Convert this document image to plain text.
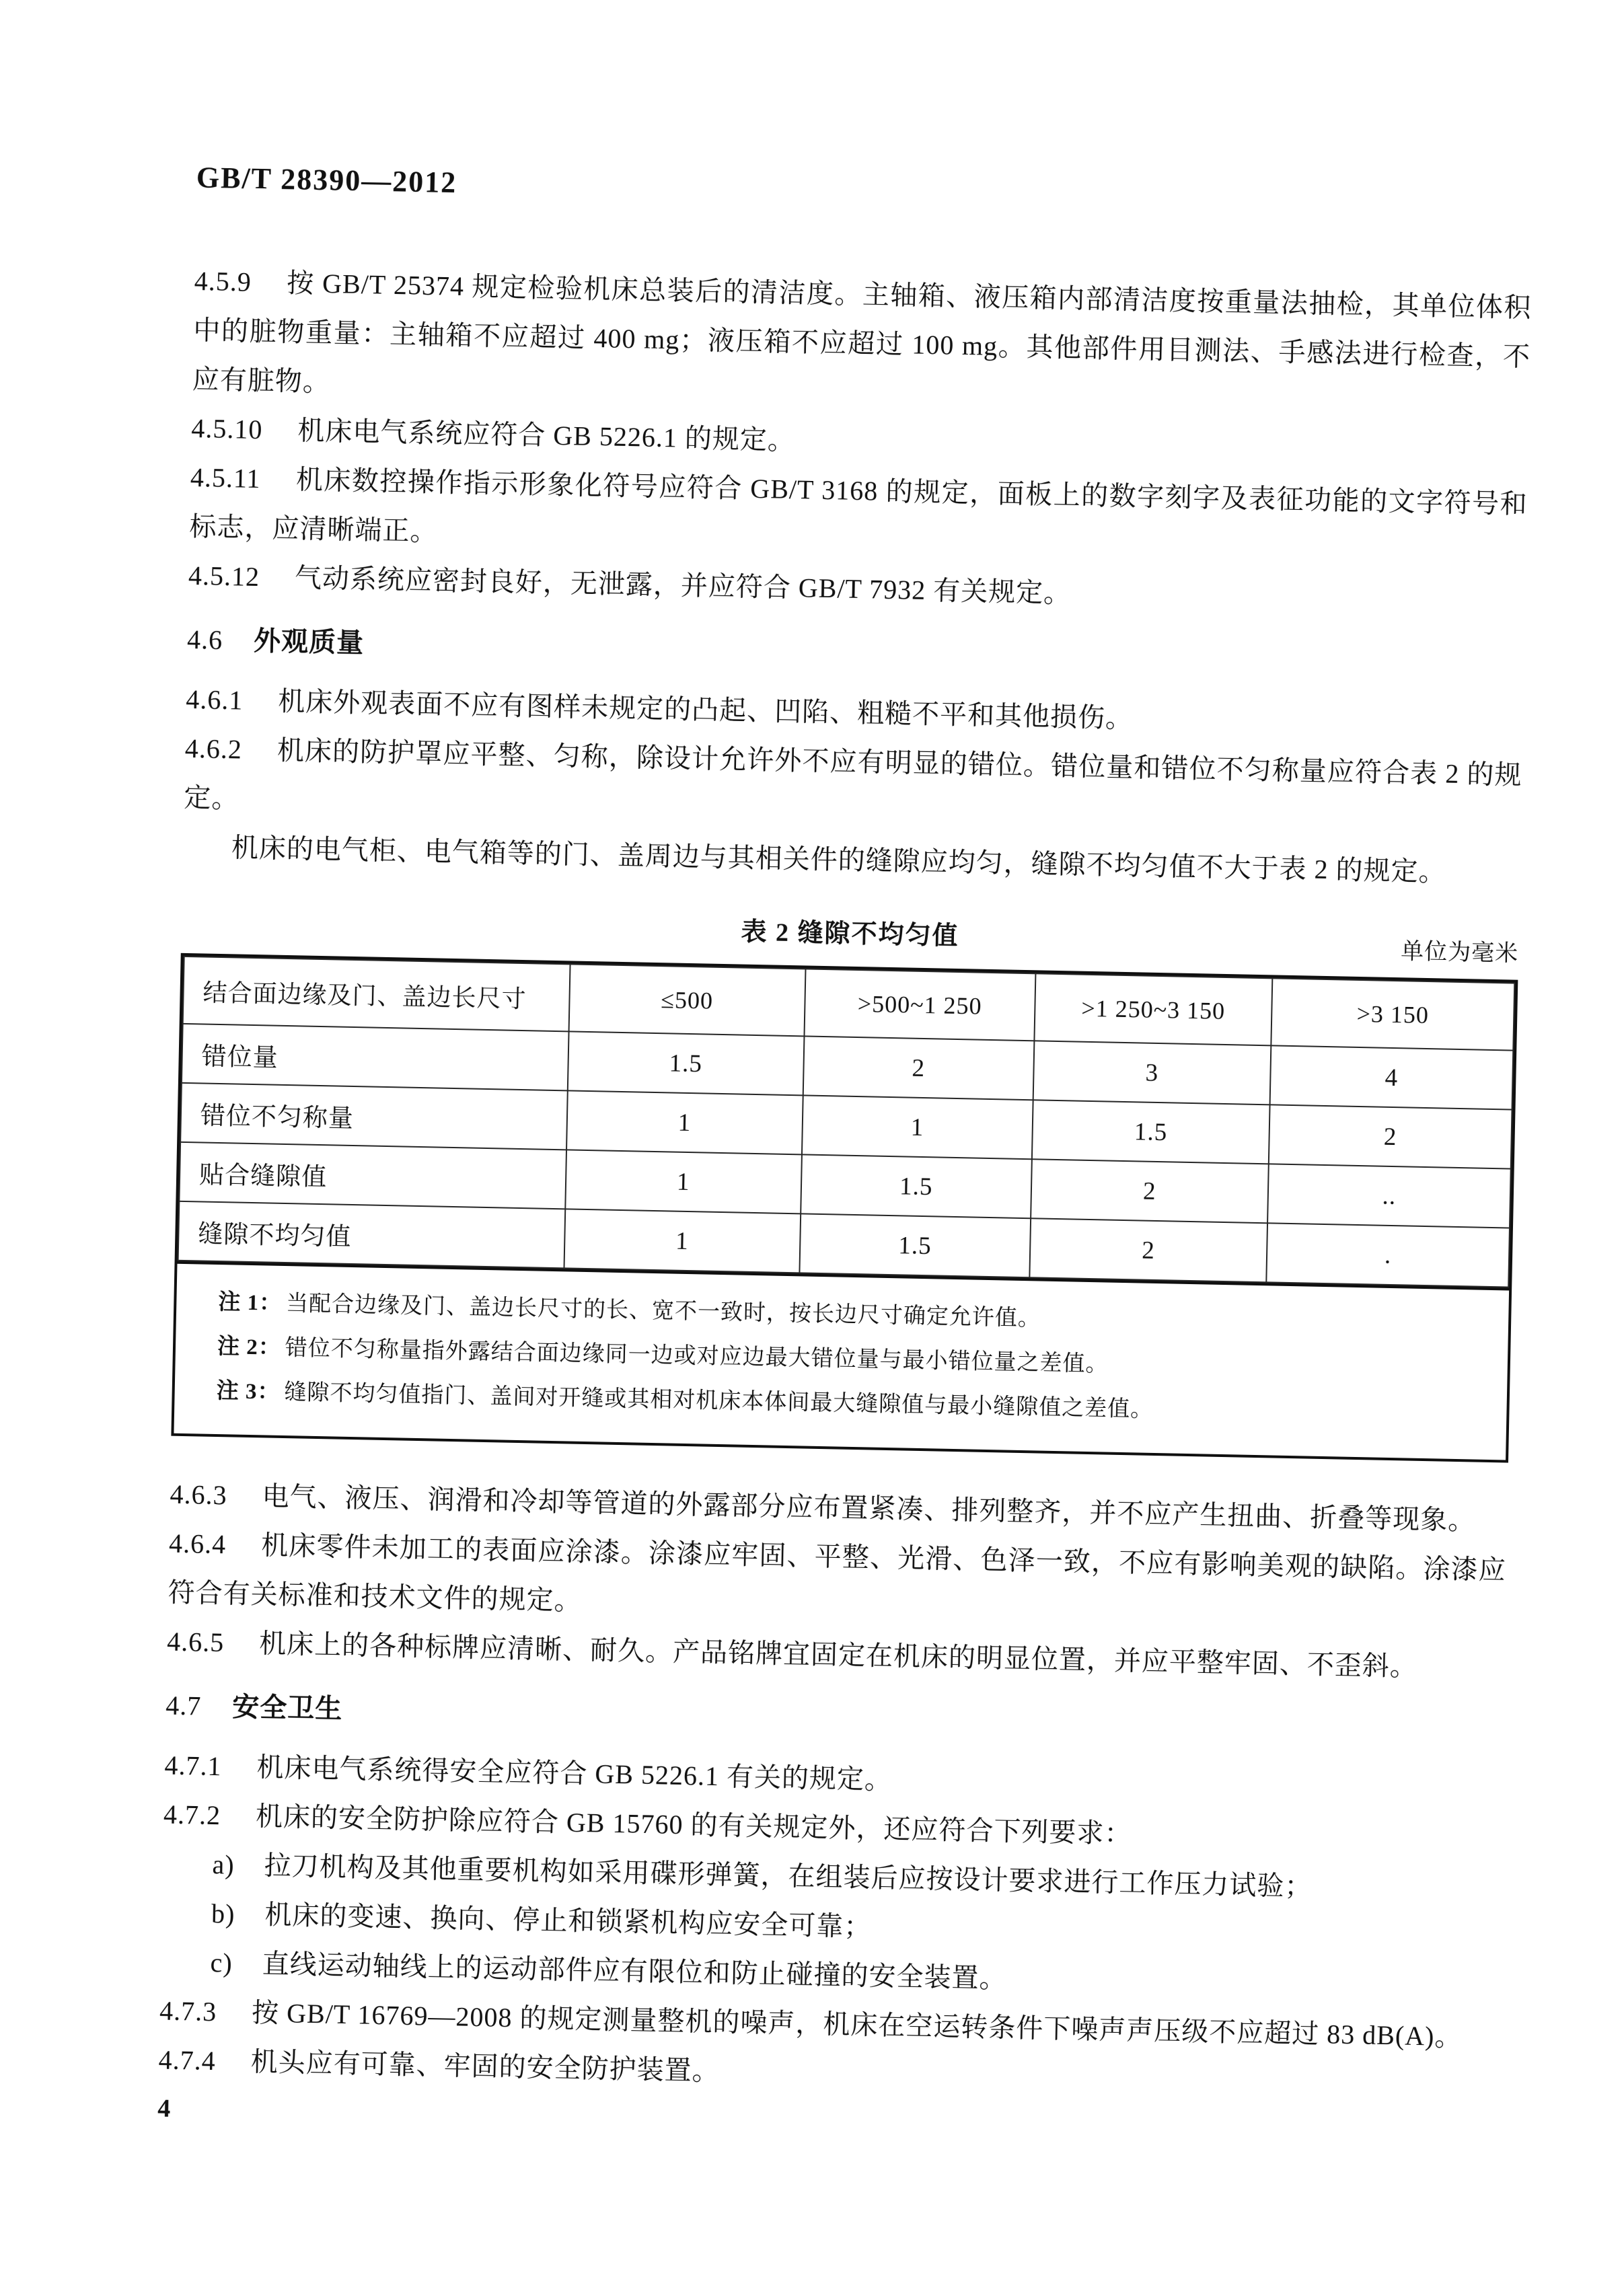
GB/T 28390—2012

4.5.9 按 GB/T 25374 规定检验机床总装后的清洁度。主轴箱、液压箱内部清洁度按重量法抽检，其单位体积中的脏物重量：主轴箱不应超过 400 mg；液压箱不应超过 100 mg。其他部件用目测法、手感法进行检查，不应有脏物。

4.5.10 机床电气系统应符合 GB 5226.1 的规定。

4.5.11 机床数控操作指示形象化符号应符合 GB/T 3168 的规定，面板上的数字刻字及表征功能的文字符号和标志，应清晰端正。

4.5.12 气动系统应密封良好，无泄露，并应符合 GB/T 7932 有关规定。

4.6 外观质量

4.6.1 机床外观表面不应有图样未规定的凸起、凹陷、粗糙不平和其他损伤。

4.6.2 机床的防护罩应平整、匀称，除设计允许外不应有明显的错位。错位量和错位不匀称量应符合表 2 的规定。

机床的电气柜、电气箱等的门、盖周边与其相关件的缝隙应均匀，缝隙不均匀值不大于表 2 的规定。

表 2 缝隙不均匀值
单位为毫米
结合面边缘及门、盖边长尺寸	≤500	>500~1 250	>1 250~3 150	>3 150
错位量	1.5	2	3	4
错位不匀称量	1	1	1.5	2
贴合缝隙值	1	1.5	2	..
缝隙不均匀值	1	1.5	2	.

注 1： 当配合边缘及门、盖边长尺寸的长、宽不一致时，按长边尺寸确定允许值。

注 2： 错位不匀称量指外露结合面边缘同一边或对应边最大错位量与最小错位量之差值。

注 3： 缝隙不均匀值指门、盖间对开缝或其相对机床本体间最大缝隙值与最小缝隙值之差值。

4.6.3 电气、液压、润滑和冷却等管道的外露部分应布置紧凑、排列整齐，并不应产生扭曲、折叠等现象。

4.6.4 机床零件未加工的表面应涂漆。涂漆应牢固、平整、光滑、色泽一致，不应有影响美观的缺陷。涂漆应符合有关标准和技术文件的规定。

4.6.5 机床上的各种标牌应清晰、耐久。产品铭牌宜固定在机床的明显位置，并应平整牢固、不歪斜。

4.7 安全卫生

4.7.1 机床电气系统得安全应符合 GB 5226.1 有关的规定。

4.7.2 机床的安全防护除应符合 GB 15760 的有关规定外，还应符合下列要求：

a) 拉刀机构及其他重要机构如采用碟形弹簧，在组装后应按设计要求进行工作压力试验；

b) 机床的变速、换向、停止和锁紧机构应安全可靠；

c) 直线运动轴线上的运动部件应有限位和防止碰撞的安全装置。

4.7.3 按 GB/T 16769—2008 的规定测量整机的噪声，机床在空运转条件下噪声声压级不应超过 83 dB(A)。

4.7.4 机头应有可靠、牢固的安全防护装置。

4
